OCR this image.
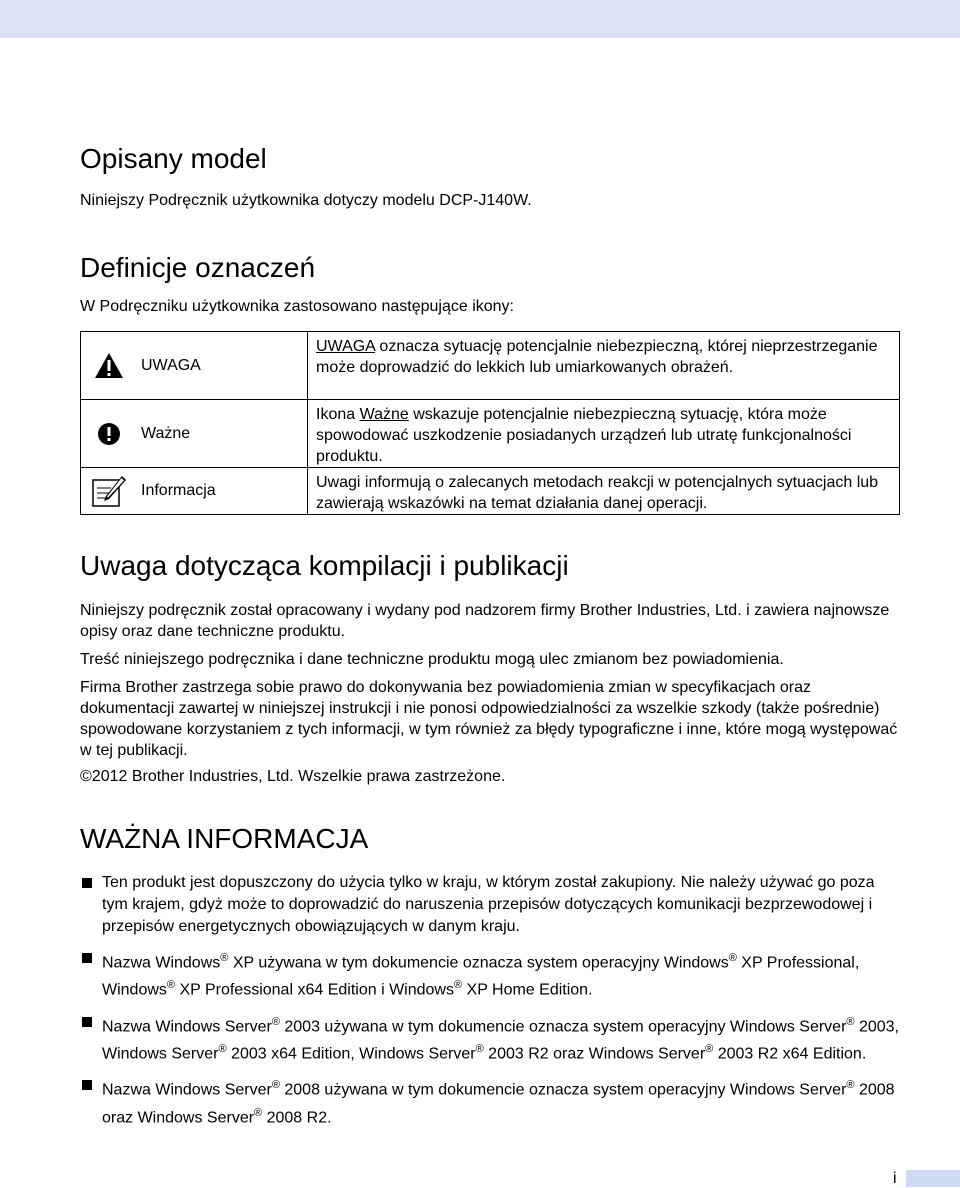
Opisany model

Niniejszy Podręcznik użytkownika dotyczy modelu DCP-J140W.

Definicje oznaczeń

W Podręczniku użytkownika zastosowano następujące ikony:

UWAGA	UWAGA oznacza sytuację potencjalnie niebezpieczną, której nieprzestrzeganie może doprowadzić do lekkich lub umiarkowanych obrażeń.

Ważne	Ikona Ważne wskazuje potencjalnie niebezpieczną sytuację, która może spowodować uszkodzenie posiadanych urządzeń lub utratę funkcjonalności produktu.

Informacja	Uwagi informują o zalecanych metodach reakcji w potencjalnych sytuacjach lub zawierają wskazówki na temat działania danej operacji.
Uwaga dotycząca kompilacji i publikacji

Niniejszy podręcznik został opracowany i wydany pod nadzorem firmy Brother Industries, Ltd. i zawiera najnowsze opisy oraz dane techniczne produktu.

Treść niniejszego podręcznika i dane techniczne produktu mogą ulec zmianom bez powiadomienia.

Firma Brother zastrzega sobie prawo do dokonywania bez powiadomienia zmian w specyfikacjach oraz dokumentacji zawartej w niniejszej instrukcji i nie ponosi odpowiedzialności za wszelkie szkody (także pośrednie) spowodowane korzystaniem z tych informacji, w tym również za błędy typograficzne i inne, które mogą występować w tej publikacji.

©2012 Brother Industries, Ltd. Wszelkie prawa zastrzeżone.

WAŻNA INFORMACJA
Ten produkt jest dopuszczony do użycia tylko w kraju, w którym został zakupiony. Nie należy używać go poza tym krajem, gdyż może to doprowadzić do naruszenia przepisów dotyczących komunikacji bezprzewodowej i przepisów energetycznych obowiązujących w danym kraju.
Nazwa Windows® XP używana w tym dokumencie oznacza system operacyjny Windows® XP Professional, Windows® XP Professional x64 Edition i Windows® XP Home Edition.
Nazwa Windows Server® 2003 używana w tym dokumencie oznacza system operacyjny Windows Server® 2003, Windows Server® 2003 x64 Edition, Windows Server® 2003 R2 oraz Windows Server® 2003 R2 x64 Edition.
Nazwa Windows Server® 2008 używana w tym dokumencie oznacza system operacyjny Windows Server® 2008 oraz Windows Server® 2008 R2.
i
